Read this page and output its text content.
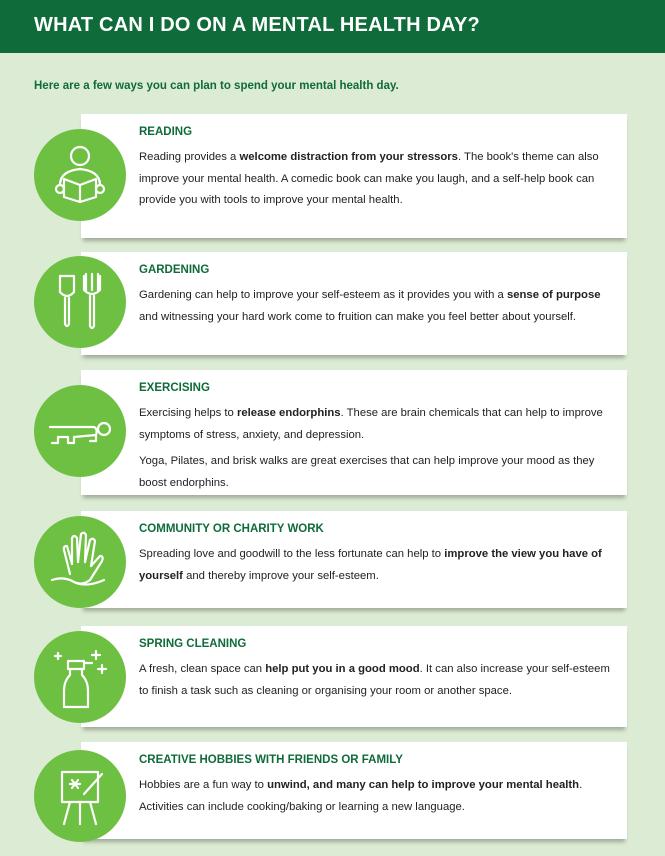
WHAT CAN I DO ON A MENTAL HEALTH DAY?
Here are a few ways you can plan to spend your mental health day.
READING

Reading provides a welcome distraction from your stressors. The book's theme can also improve your mental health. A comedic book can make you laugh, and a self-help book can provide you with tools to improve your mental health.

GARDENING

Gardening can help to improve your self-esteem as it provides you with a sense of purpose and witnessing your hard work come to fruition can make you feel better about yourself.

EXERCISING

Exercising helps to release endorphins. These are brain chemicals that can help to improve symptoms of stress, anxiety, and depression.

Yoga, Pilates, and brisk walks are great exercises that can help improve your mood as they boost endorphins.

COMMUNITY OR CHARITY WORK

Spreading love and goodwill to the less fortunate can help to improve the view you have of yourself and thereby improve your self-esteem.

SPRING CLEANING

A fresh, clean space can help put you in a good mood. It can also increase your self-esteem to finish a task such as cleaning or organising your room or another space.

CREATIVE HOBBIES WITH FRIENDS OR FAMILY

Hobbies are a fun way to unwind, and many can help to improve your mental health. Activities can include cooking/baking or learning a new language.
